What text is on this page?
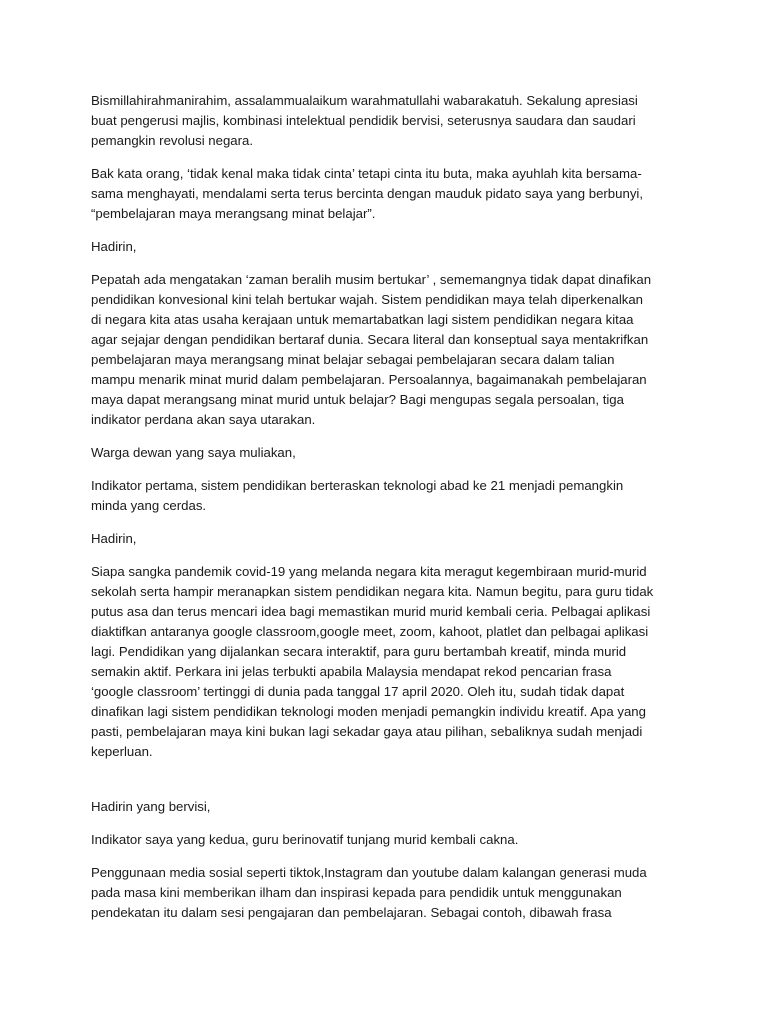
Bismillahirahmanirahim, assalammualaikum warahmatullahi wabarakatuh. Sekalung apresiasi
buat pengerusi majlis, kombinasi intelektual pendidik bervisi, seterusnya saudara dan saudari
pemangkin revolusi negara.
Bak kata orang, ‘tidak kenal maka tidak cinta’ tetapi cinta itu buta, maka ayuhlah kita bersama-
sama menghayati, mendalami serta terus bercinta dengan mauduk pidato saya yang berbunyi,
“pembelajaran maya merangsang minat belajar”.
Hadirin,
Pepatah ada mengatakan ‘zaman beralih musim bertukar’ , sememangnya tidak dapat dinafikan
pendidikan konvesional kini telah bertukar wajah. Sistem pendidikan maya telah diperkenalkan
di negara kita atas usaha kerajaan untuk memartabatkan lagi sistem pendidikan negara kitaa
agar sejajar dengan pendidikan bertaraf dunia. Secara literal dan konseptual saya mentakrifkan
pembelajaran maya merangsang minat belajar sebagai pembelajaran secara dalam talian
mampu menarik minat murid dalam pembelajaran. Persoalannya, bagaimanakah pembelajaran
maya dapat merangsang minat murid untuk belajar? Bagi mengupas segala persoalan, tiga
indikator perdana akan saya utarakan.
Warga dewan yang saya muliakan,
Indikator pertama, sistem pendidikan berteraskan teknologi abad ke 21 menjadi pemangkin
minda yang cerdas.
Hadirin,
Siapa sangka pandemik covid-19 yang melanda negara kita meragut kegembiraan murid-murid
sekolah serta hampir meranapkan sistem pendidikan negara kita. Namun begitu, para guru tidak
putus asa dan terus mencari idea bagi memastikan murid murid kembali ceria. Pelbagai aplikasi
diaktifkan antaranya google classroom,google meet, zoom, kahoot, platlet dan pelbagai aplikasi
lagi. Pendidikan yang dijalankan secara interaktif, para guru bertambah kreatif, minda murid
semakin aktif. Perkara ini jelas terbukti apabila Malaysia mendapat rekod pencarian frasa
‘google classroom’ tertinggi di dunia pada tanggal 17 april 2020. Oleh itu, sudah tidak dapat
dinafikan lagi sistem pendidikan teknologi moden menjadi pemangkin individu kreatif. Apa yang
pasti, pembelajaran maya kini bukan lagi sekadar gaya atau pilihan, sebaliknya sudah menjadi
keperluan.
Hadirin yang bervisi,
Indikator saya yang kedua, guru berinovatif tunjang murid kembali cakna.
Penggunaan media sosial seperti tiktok,Instagram dan youtube dalam kalangan generasi muda
pada masa kini memberikan ilham dan inspirasi kepada para pendidik untuk menggunakan
pendekatan itu dalam sesi pengajaran dan pembelajaran. Sebagai contoh, dibawah frasa
